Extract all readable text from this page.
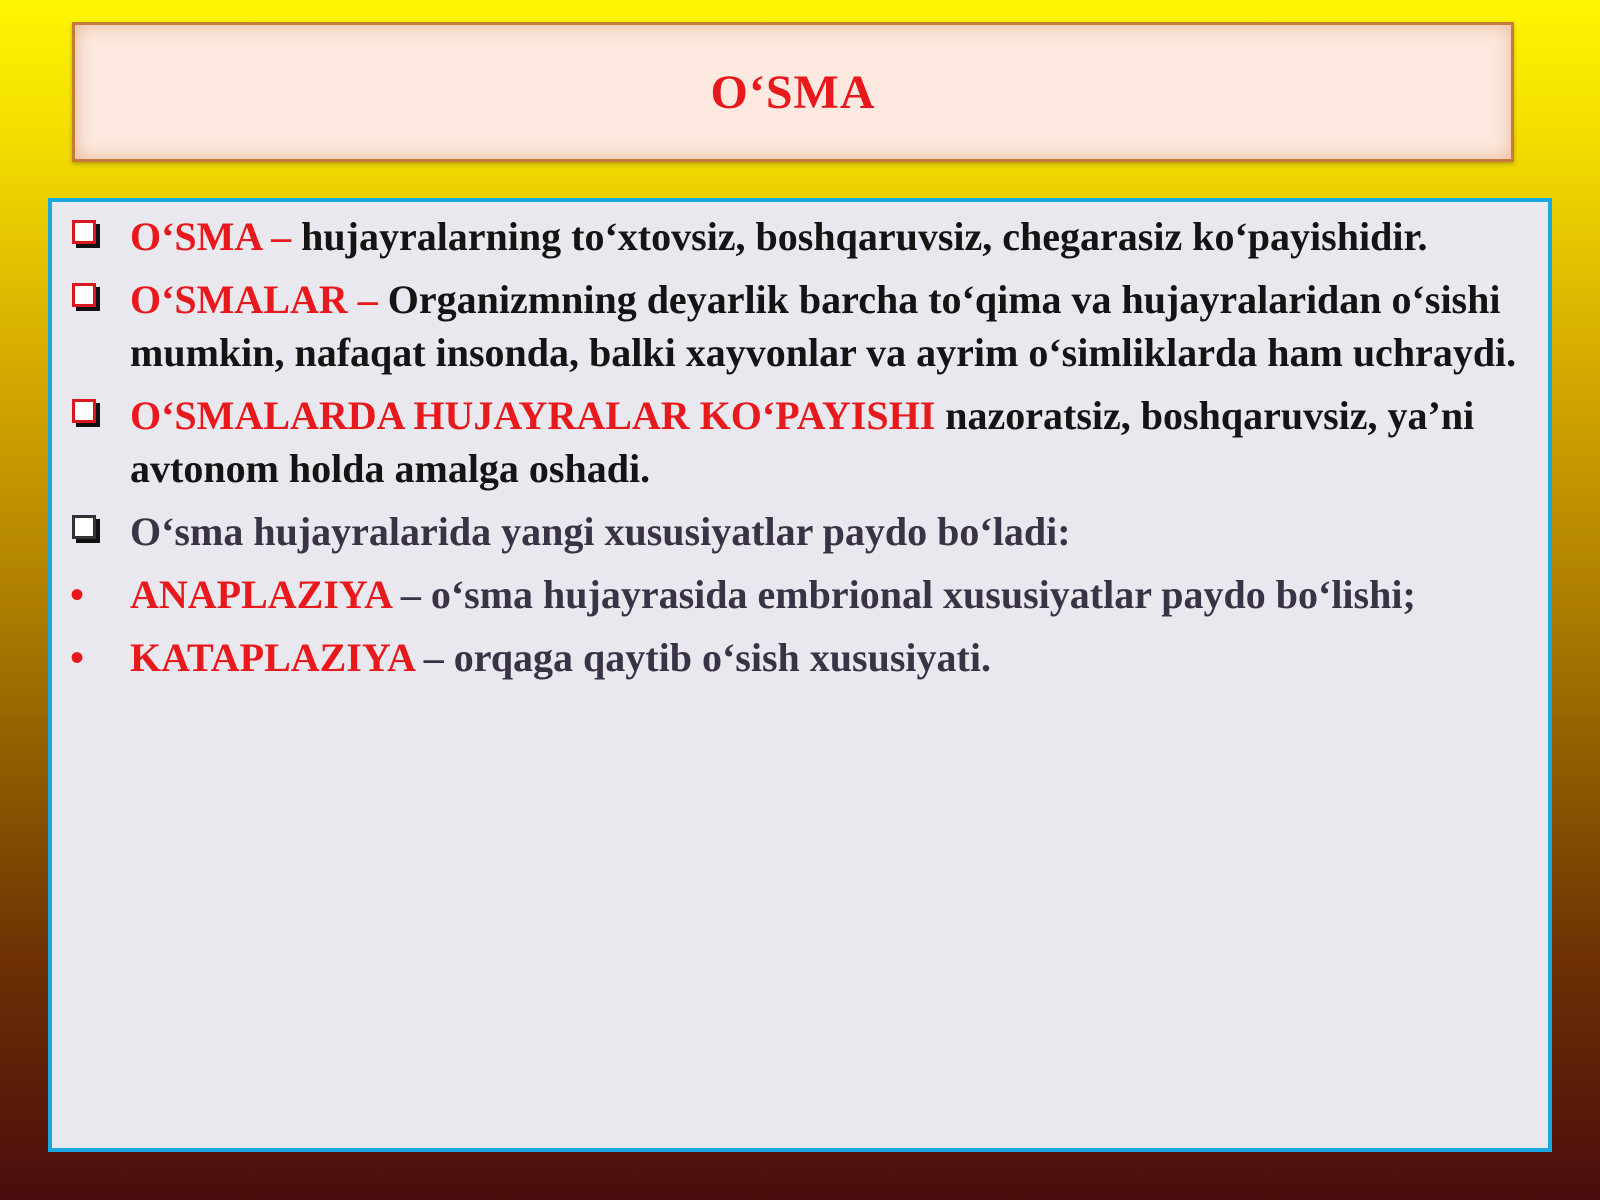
O‘SMA
O‘SMA – hujayralarning to‘xtovsiz, boshqaruvsiz, chegarasiz ko‘payishidir.
O‘SMALAR – Organizmning deyarlik barcha to‘qima va hujayralaridan o‘sishi mumkin, nafaqat insonda, balki xayvonlar va ayrim o‘simliklarda ham uchraydi.
O‘SMALARDA HUJAYRALAR KO‘PAYISHI nazoratsiz, boshqaruvsiz, ya’ni avtonom holda amalga oshadi.
O‘sma hujayralarida yangi xususiyatlar paydo bo‘ladi:
•	ANAPLAZIYA – o‘sma hujayrasida embrional xususiyatlar paydo bo‘lishi;
•	KATAPLAZIYA – orqaga qaytib o‘sish xususiyati.
